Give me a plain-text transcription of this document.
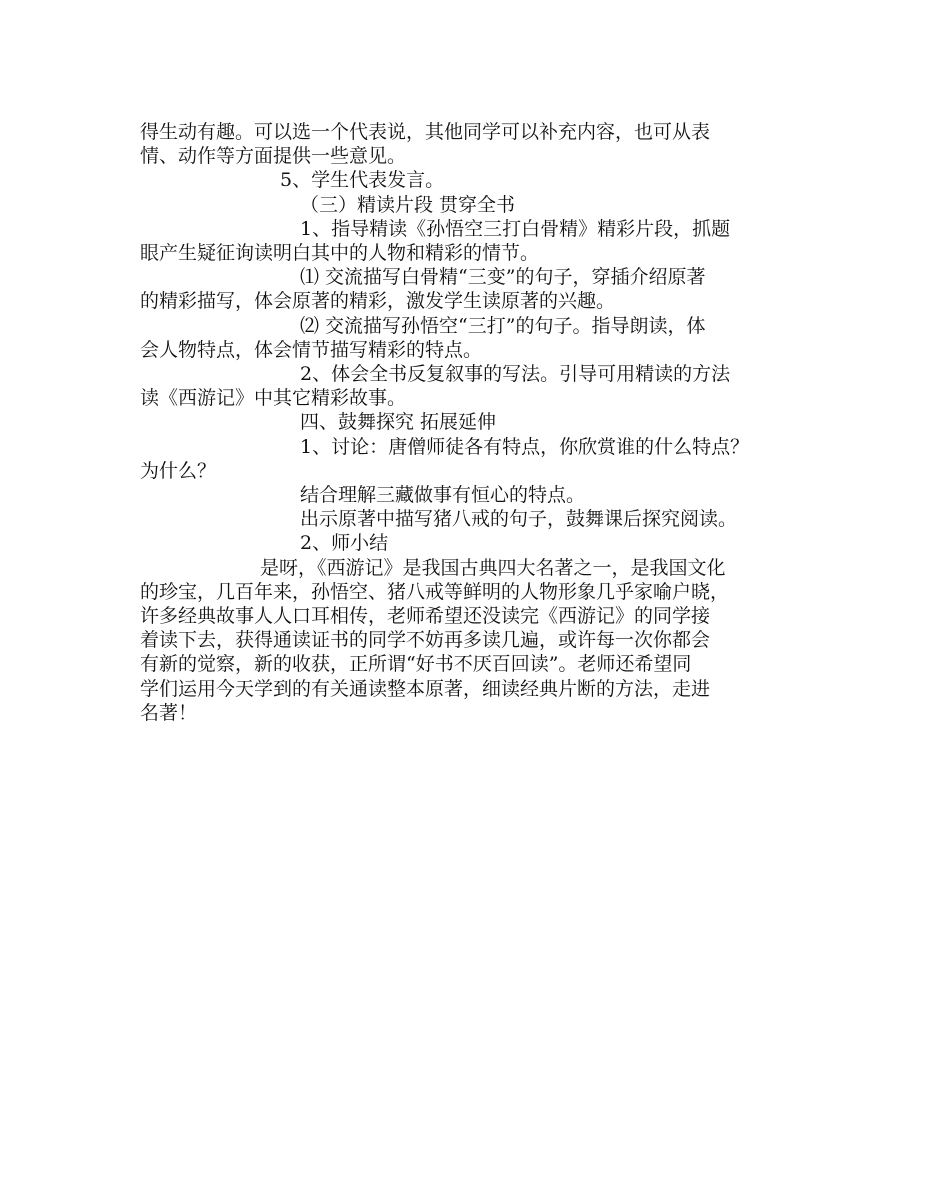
得生动有趣。可以选一个代表说，其他同学可以补充内容，也可从表
情、动作等方面提供一些意见。
5、学生代表发言。
（三）精读片段 贯穿全书
1、指导精读《孙悟空三打白骨精》精彩片段，抓题
眼产生疑征询读明白其中的人物和精彩的情节。
⑴ 交流描写白骨精“三变”的句子，穿插介绍原著
的精彩描写，体会原著的精彩，激发学生读原著的兴趣。
⑵ 交流描写孙悟空“三打”的句子。指导朗读，体
会人物特点，体会情节描写精彩的特点。
2、体会全书反复叙事的写法。引导可用精读的方法
读《西游记》中其它精彩故事。
四、鼓舞探究 拓展延伸
1、讨论：唐僧师徒各有特点，你欣赏谁的什么特点？
为什么？
结合理解三藏做事有恒心的特点。
出示原著中描写猪八戒的句子，鼓舞课后探究阅读。
2、师小结
是呀，《西游记》是我国古典四大名著之一，是我国文化
的珍宝，几百年来，孙悟空、猪八戒等鲜明的人物形象几乎家喻户晓，
许多经典故事人人口耳相传，老师希望还没读完《西游记》的同学接
着读下去，获得通读证书的同学不妨再多读几遍，或许每一次你都会
有新的觉察，新的收获，正所谓“好书不厌百回读”。老师还希望同
学们运用今天学到的有关通读整本原著，细读经典片断的方法，走进
名著！
